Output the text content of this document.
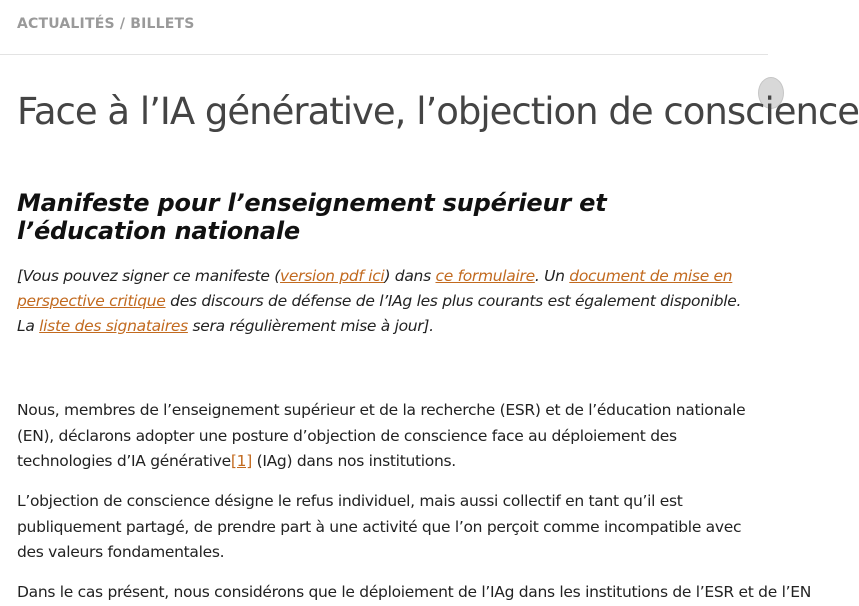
ACTUALITÉS / BILLETS
Face à l’IA générative, l’objection de conscience
Manifeste pour l’enseignement supérieur et l’éducation nationale

[Vous pouvez signer ce manifeste (version pdf ici) dans ce formulaire. Un document de mise en perspective critique des discours de défense de l’IAg les plus courants est également disponible. La liste des signataires sera régulièrement mise à jour].

Nous, membres de l’enseignement supérieur et de la recherche (ESR) et de l’éducation nationale (EN), déclarons adopter une posture d’objection de conscience face au déploiement des technologies d’IA générative[1] (IAg) dans nos institutions.

L’objection de conscience désigne le refus individuel, mais aussi collectif en tant qu’il est publiquement partagé, de prendre part à une activité que l’on perçoit comme incompatible avec des valeurs fondamentales.

Dans le cas présent, nous considérons que le déploiement de l’IAg dans les institutions de l’ESR et de l’EN
